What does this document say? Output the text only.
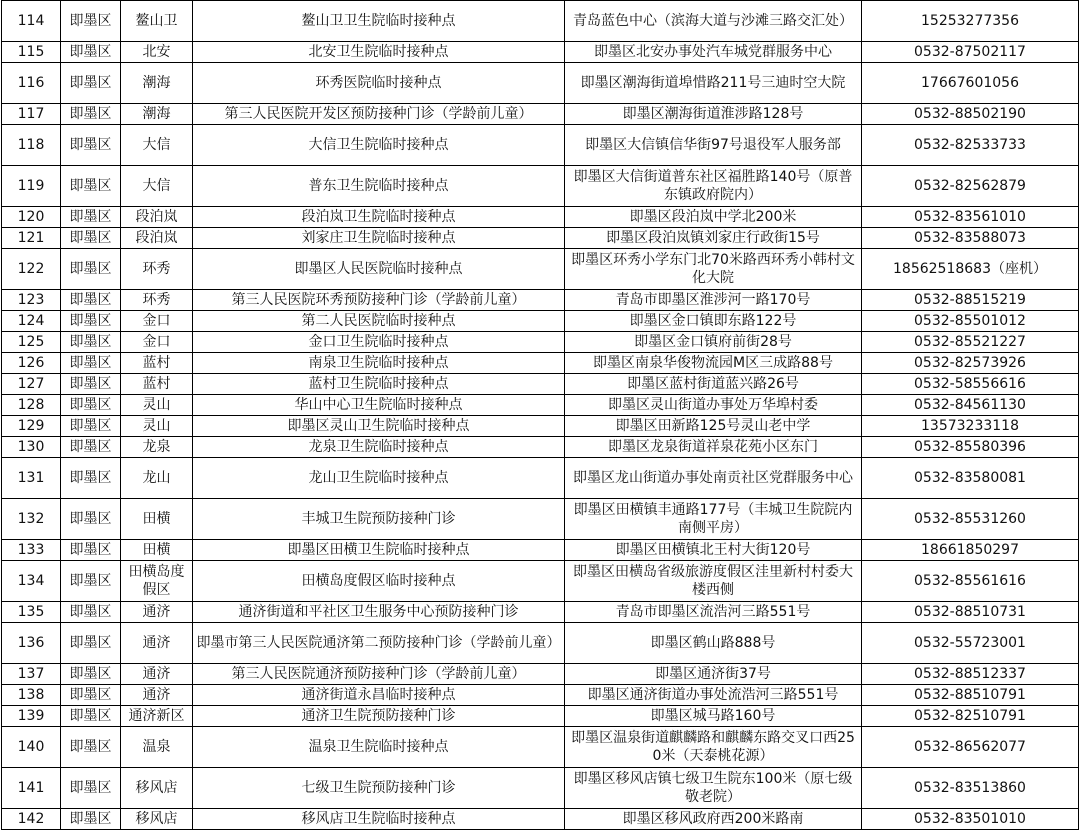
114	即墨区	鳌山卫	鳌山卫卫生院临时接种点	青岛蓝色中心（滨海大道与沙滩三路交汇处）	15253277356
115	即墨区	北安	北安卫生院临时接种点	即墨区北安办事处汽车城党群服务中心	0532-87502117
116	即墨区	潮海	环秀医院临时接种点	即墨区潮海街道埠惜路211号三迪时空大院	17667601056
117	即墨区	潮海	第三人民医院开发区预防接种门诊（学龄前儿童）	即墨区潮海街道淮涉路128号	0532-88502190
118	即墨区	大信	大信卫生院临时接种点	即墨区大信镇信华街97号退役军人服务部	0532-82533733
119	即墨区	大信	普东卫生院临时接种点	即墨区大信街道普东社区福胜路140号（原普东镇政府院内）	0532-82562879
120	即墨区	段泊岚	段泊岚卫生院临时接种点	即墨区段泊岚中学北200米	0532-83561010
121	即墨区	段泊岚	刘家庄卫生院临时接种点	即墨区段泊岚镇刘家庄行政街15号	0532-83588073
122	即墨区	环秀	即墨区人民医院临时接种点	即墨区环秀小学东门北70米路西环秀小韩村文化大院	18562518683（座机）
123	即墨区	环秀	第三人民医院环秀预防接种门诊（学龄前儿童）	青岛市即墨区淮涉河一路170号	0532-88515219
124	即墨区	金口	第二人民医院临时接种点	即墨区金口镇即东路122号	0532-85501012
125	即墨区	金口	金口卫生院临时接种点	即墨区金口镇府前街28号	0532-85521227
126	即墨区	蓝村	南泉卫生院临时接种点	即墨区南泉华俊物流园M区三成路88号	0532-82573926
127	即墨区	蓝村	蓝村卫生院临时接种点	即墨区蓝村街道蓝兴路26号	0532-58556616
128	即墨区	灵山	华山中心卫生院临时接种点	即墨区灵山街道办事处万华埠村委	0532-84561130
129	即墨区	灵山	即墨区灵山卫生院临时接种点	即墨区田新路125号灵山老中学	13573233118
130	即墨区	龙泉	龙泉卫生院临时接种点	即墨区龙泉街道祥泉花苑小区东门	0532-85580396
131	即墨区	龙山	龙山卫生院临时接种点	即墨区龙山街道办事处南贡社区党群服务中心	0532-83580081
132	即墨区	田横	丰城卫生院预防接种门诊	即墨区田横镇丰通路177号（丰城卫生院院内南侧平房）	0532-85531260
133	即墨区	田横	即墨区田横卫生院临时接种点	即墨区田横镇北王村大街120号	18661850297
134	即墨区	田横岛度假区	田横岛度假区临时接种点	即墨区田横岛省级旅游度假区洼里新村村委大楼西侧	0532-85561616
135	即墨区	通济	通济街道和平社区卫生服务中心预防接种门诊	青岛市即墨区流浩河三路551号	0532-88510731
136	即墨区	通济	即墨市第三人民医院通济第二预防接种门诊（学龄前儿童）	即墨区鹤山路888号	0532-55723001
137	即墨区	通济	第三人民医院通济预防接种门诊（学龄前儿童）	即墨区通济街37号	0532-88512337
138	即墨区	通济	通济街道永昌临时接种点	即墨区通济街道办事处流浩河三路551号	0532-88510791
139	即墨区	通济新区	通济卫生院预防接种门诊	即墨区城马路160号	0532-82510791
140	即墨区	温泉	温泉卫生院临时接种点	即墨区温泉街道麒麟路和麒麟东路交叉口西250米（天泰桃花源）	0532-86562077
141	即墨区	移风店	七级卫生院预防接种门诊	即墨区移风店镇七级卫生院东100米（原七级敬老院）	0532-83513860
142	即墨区	移风店	移风店卫生院临时接种点	即墨区移风政府西200米路南	0532-83501010
